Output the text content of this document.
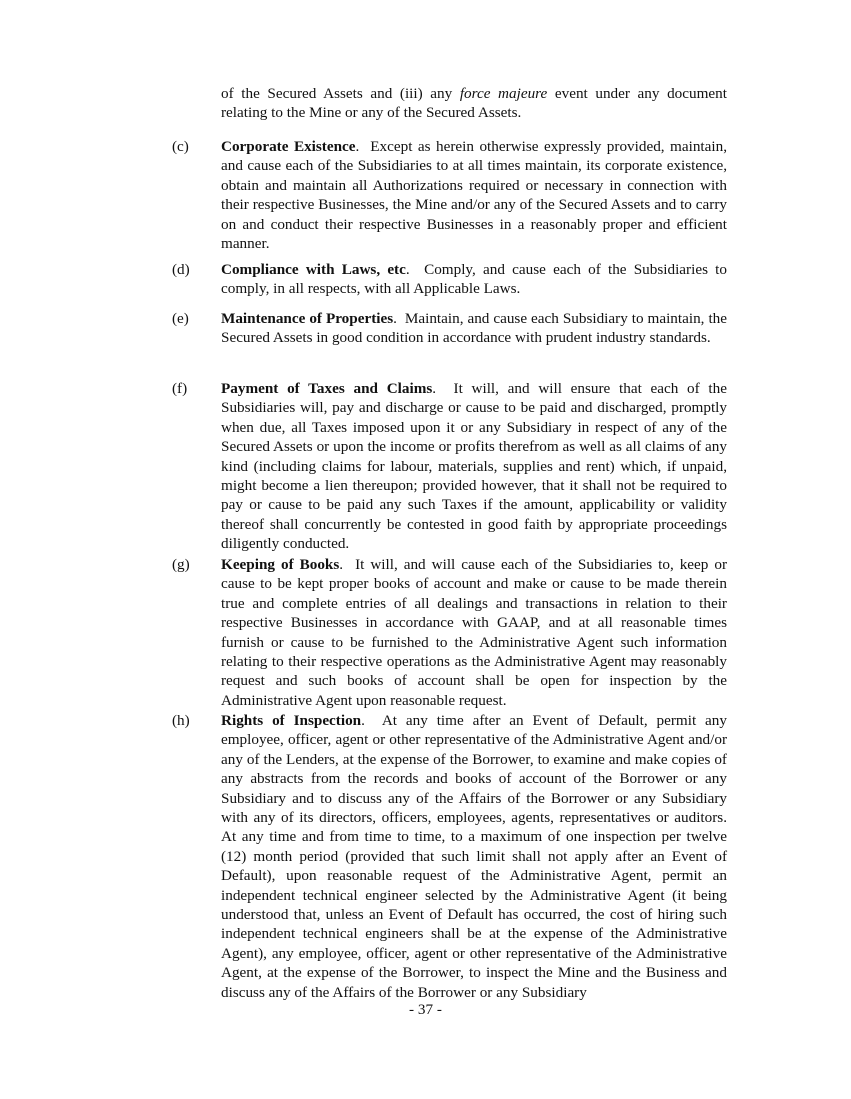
of the Secured Assets and (iii) any force majeure event under any document relating to the Mine or any of the Secured Assets.
(c) Corporate Existence.  Except as herein otherwise expressly provided, maintain, and cause each of the Subsidiaries to at all times maintain, its corporate existence, obtain and maintain all Authorizations required or necessary in connection with their respective Businesses, the Mine and/or any of the Secured Assets and to carry on and conduct their respective Businesses in a reasonably proper and efficient manner.
(d) Compliance with Laws, etc.  Comply, and cause each of the Subsidiaries to comply, in all respects, with all Applicable Laws.
(e) Maintenance of Properties.  Maintain, and cause each Subsidiary to maintain, the Secured Assets in good condition in accordance with prudent industry standards.
(f) Payment of Taxes and Claims.  It will, and will ensure that each of the Subsidiaries will, pay and discharge or cause to be paid and discharged, promptly when due, all Taxes imposed upon it or any Subsidiary in respect of any of the Secured Assets or upon the income or profits therefrom as well as all claims of any kind (including claims for labour, materials, supplies and rent) which, if unpaid, might become a lien thereupon; provided however, that it shall not be required to pay or cause to be paid any such Taxes if the amount, applicability or validity thereof shall concurrently be contested in good faith by appropriate proceedings diligently conducted.
(g) Keeping of Books.  It will, and will cause each of the Subsidiaries to, keep or cause to be kept proper books of account and make or cause to be made therein true and complete entries of all dealings and transactions in relation to their respective Businesses in accordance with GAAP, and at all reasonable times furnish or cause to be furnished to the Administrative Agent such information relating to their respective operations as the Administrative Agent may reasonably request and such books of account shall be open for inspection by the Administrative Agent upon reasonable request.
(h) Rights of Inspection.  At any time after an Event of Default, permit any employee, officer, agent or other representative of the Administrative Agent and/or any of the Lenders, at the expense of the Borrower, to examine and make copies of any abstracts from the records and books of account of the Borrower or any Subsidiary and to discuss any of the Affairs of the Borrower or any Subsidiary with any of its directors, officers, employees, agents, representatives or auditors. At any time and from time to time, to a maximum of one inspection per twelve (12) month period (provided that such limit shall not apply after an Event of Default), upon reasonable request of the Administrative Agent, permit an independent technical engineer selected by the Administrative Agent (it being understood that, unless an Event of Default has occurred, the cost of hiring such independent technical engineers shall be at the expense of the Administrative Agent), any employee, officer, agent or other representative of the Administrative Agent, at the expense of the Borrower, to inspect the Mine and the Business and discuss any of the Affairs of the Borrower or any Subsidiary
- 37 -
